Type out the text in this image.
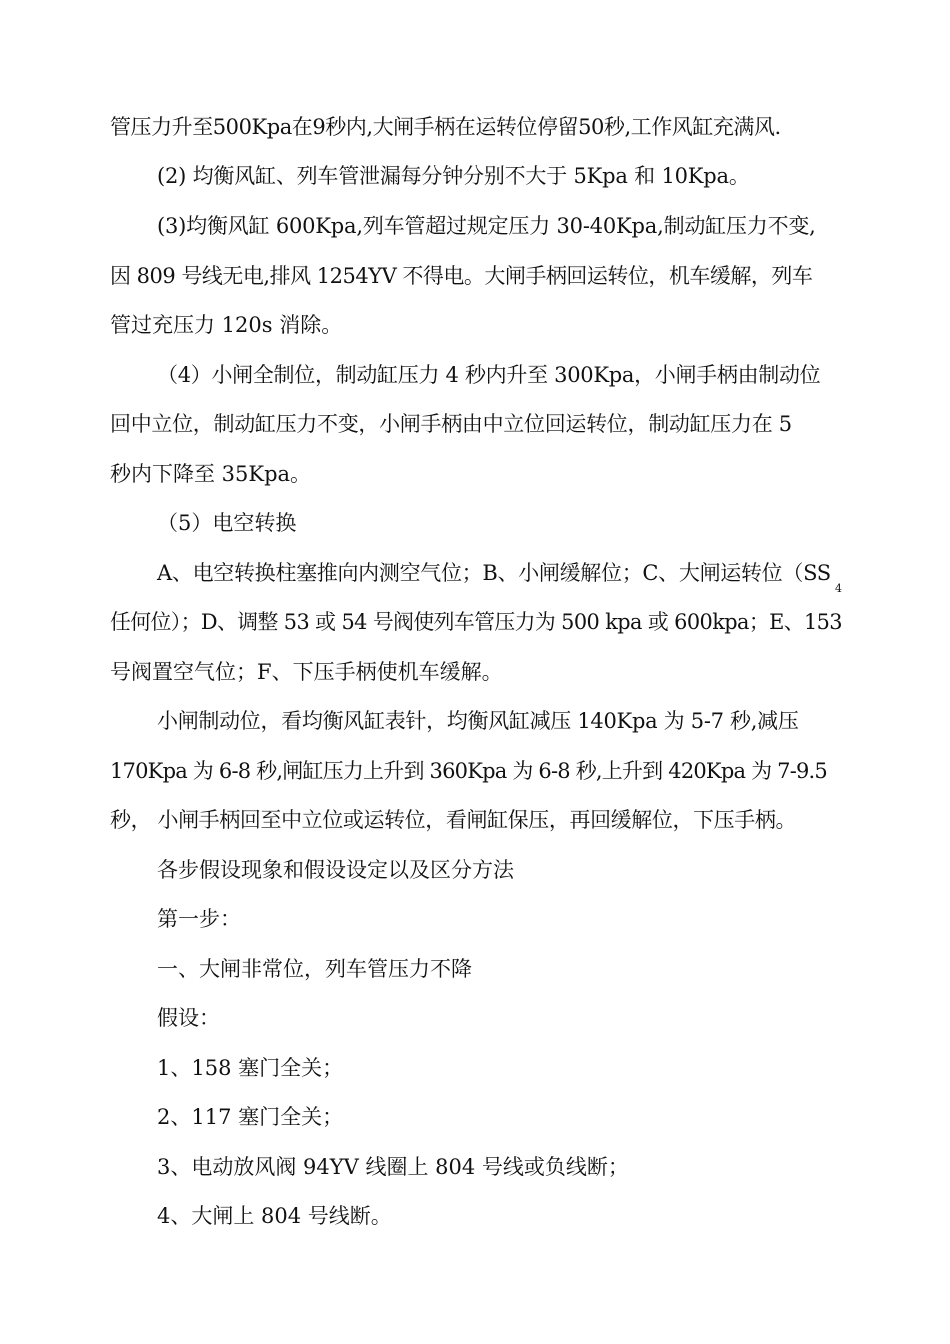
管压力升至500Kpa在9秒内,大闸手柄在运转位停留50秒,工作风缸充满风.
(2) 均衡风缸、列车管泄漏每分钟分别不大于 5Kpa 和 10Kpa。
(3)均衡风缸 600Kpa,列车管超过规定压力 30-40Kpa,制动缸压力不变,
因 809 号线无电,排风 1254YV 不得电。大闸手柄回运转位，机车缓解，列车
管过充压力 120s 消除。
（4）小闸全制位，制动缸压力 4 秒内升至 300Kpa，小闸手柄由制动位
回中立位，制动缸压力不变，小闸手柄由中立位回运转位，制动缸压力在 5
秒内下降至 35Kpa。
（5）电空转换
A、电空转换柱塞推向内测空气位；B、小闸缓解位；C、大闸运转位（SS
4
任何位）；D、调整 53 或 54 号阀使列车管压力为 500 kpa 或 600kpa；E、153
号阀置空气位；F、下压手柄使机车缓解。
小闸制动位，看均衡风缸表针，均衡风缸减压 140Kpa 为 5-7 秒,减压
170Kpa 为 6-8 秒,闸缸压力上升到 360Kpa 为 6-8 秒,上升到 420Kpa 为 7-9.5
秒， 小闸手柄回至中立位或运转位，看闸缸保压，再回缓解位，下压手柄。
各步假设现象和假设设定以及区分方法
第一步：
一、大闸非常位，列车管压力不降
假设：
1、158 塞门全关；
2、117 塞门全关；
3、电动放风阀 94YV 线圈上 804 号线或负线断；
4、大闸上 804 号线断。
